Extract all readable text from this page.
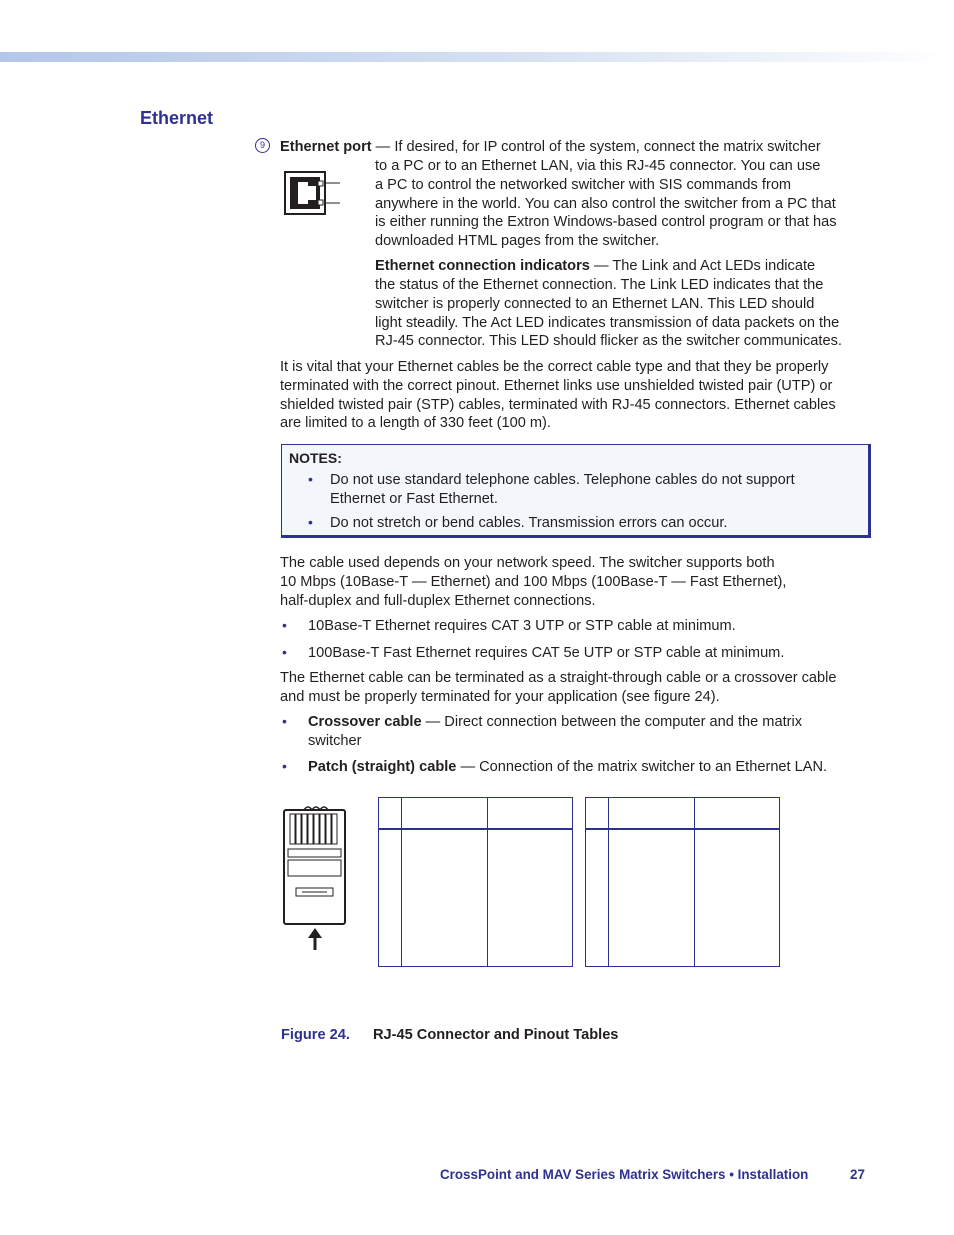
Ethernet
9	Ethernet port — If desired, for IP control of the system, connect the matrix switcher
to a PC or to an Ethernet LAN, via this RJ-45 connector. You can use
a PC to control the networked switcher with SIS commands from
anywhere in the world. You can also control the switcher from a PC that
is either running the Extron Windows-based control program or that has
downloaded HTML pages from the switcher.
Ethernet connection indicators — The Link and Act LEDs indicate
the status of the Ethernet connection. The Link LED indicates that the
switcher is properly connected to an Ethernet LAN. This LED should
light steadily. The Act LED indicates transmission of data packets on the
RJ-45 connector. This LED should flicker as the switcher communicates.
It is vital that your Ethernet cables be the correct cable type and that they be properly
terminated with the correct pinout. Ethernet links use unshielded twisted pair (UTP) or
shielded twisted pair (STP) cables, terminated with RJ-45 connectors. Ethernet cables
are limited to a length of 330 feet (100 m).
NOTES:
• Do not use standard telephone cables. Telephone cables do not support
Ethernet or Fast Ethernet.
• Do not stretch or bend cables. Transmission errors can occur.
The cable used depends on your network speed. The switcher supports both
10 Mbps (10Base-T — Ethernet) and 100 Mbps (100Base-T — Fast Ethernet),
half-duplex and full-duplex Ethernet connections.
• 10Base-T Ethernet requires CAT 3 UTP or STP cable at minimum.
• 100Base-T Fast Ethernet requires CAT 5e UTP or STP cable at minimum.
The Ethernet cable can be terminated as a straight-through cable or a crossover cable
and must be properly terminated for your application (see figure 24).
• Crossover cable — Direct connection between the computer and the matrix
switcher
• Patch (straight) cable — Connection of the matrix switcher to an Ethernet LAN.
Figure 24. RJ-45 Connector and Pinout Tables
CrossPoint and MAV Series Matrix Switchers • Installation	27
